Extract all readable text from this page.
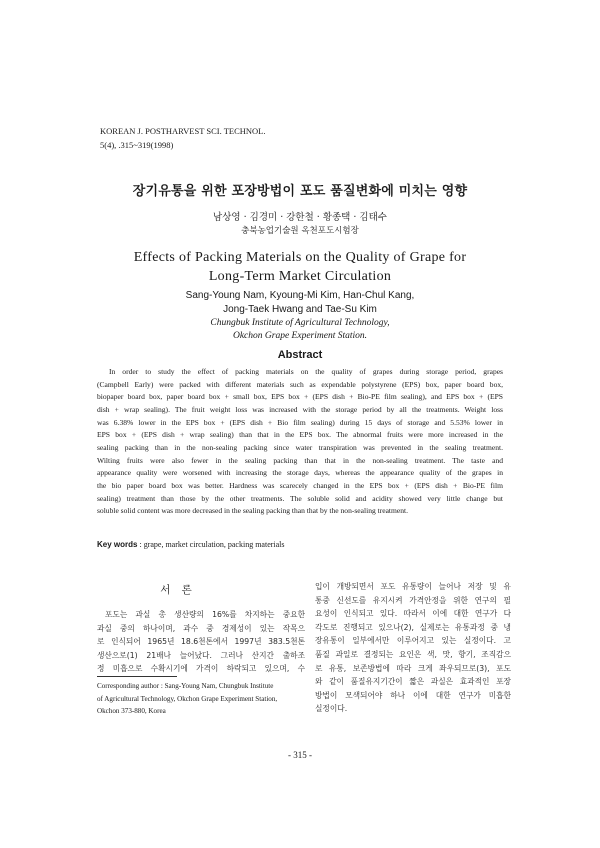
KOREAN J. POSTHARVEST SCI. TECHNOL.
5(4), .315~319(1998)
장기유통을 위한 포장방법이 포도 품질변화에 미치는 영향
남상영 · 김경미 · 강한철 · 황종택 · 김태수
충북농업기술원 옥천포도시험장
Effects of Packing Materials on the Quality of Grape for
Long-Term Market Circulation
Sang-Young Nam, Kyoung-Mi Kim, Han-Chul Kang,
Jong-Taek Hwang and Tae-Su Kim
Chungbuk Institute of Agricultural Technology,
Okchon Grape Experiment Station.
Abstract
In order to study the effect of packing materials on the quality of grapes during storage period, grapes
(Campbell Early) were packed with different materials such as expendable polystyrene (EPS) box, paper board box,
biopaper board box, paper board box + small box, EPS box + (EPS dish + Bio-PE film sealing), and EPS box + (EPS
dish + wrap sealing). The fruit weight loss was increased with the storage period by all the treatments. Weight loss
was 6.38% lower in the EPS box + (EPS dish + Bio film sealing) during 15 days of storage and 5.53% lower in
EPS box + (EPS dish + wrap sealing) than that in the EPS box. The abnormal fruits were more increased in the
sealing packing than in the non-sealing packing since water transpiration was prevented in the sealing treatment.
Wilting fruits were also fewer in the sealing packing than that in the non-sealing treatment. The taste and
appearance quality were worsened with increasing the storage days, whereas the appearance quality of the grapes in
the bio paper board box was better. Hardness was scarecely changed in the EPS box + (EPS dish + Bio-PE film
sealing) treatment than those by the other treatments. The soluble solid and acidity showed very little change but
soluble solid content was more decreased in the sealing packing than that by the non-sealing treatment.
Key words : grape, market circulation, packing materials
서 론
포도는 과실 총 생산량의 16%를 차지하는 중요한
과실 중의 하나이며, 과수 중 경제성이 있는 작목으
로 인식되어 1965년 18.6천톤에서 1997년 383.5천톤
생산으로(1) 21배나 늘어났다. 그러나 산지간 출하조
정 미흡으로 수확시기에 가격이 하락되고 있으며, 수
Corresponding author : Sang-Young Nam, Chungbuk Institute
of Agricultural Technology, Okchon Grape Experiment Station,
Okchon 373-880, Korea
입이 개방되면서 포도 유통량이 늘어나 저장 및 유
통중 신선도를 유지시켜 가격안정을 위한 연구의 필
요성이 인식되고 있다. 따라서 이에 대한 연구가 다
각도로 진행되고 있으나(2), 실제로는 유통과정 중 냉
장유통이 일부에서만 이루어지고 있는 실정이다. 고
품질 과일로 결정되는 요인은 색, 맛, 향기, 조직감으
로 유통, 보존방법에 따라 크게 좌우되므로(3), 포도
와 같이 품질유지기간이 짧은 과실은 효과적인 포장
방법이 모색되어야 하나 이에 대한 연구가 미흡한
실정이다.
- 315 -
